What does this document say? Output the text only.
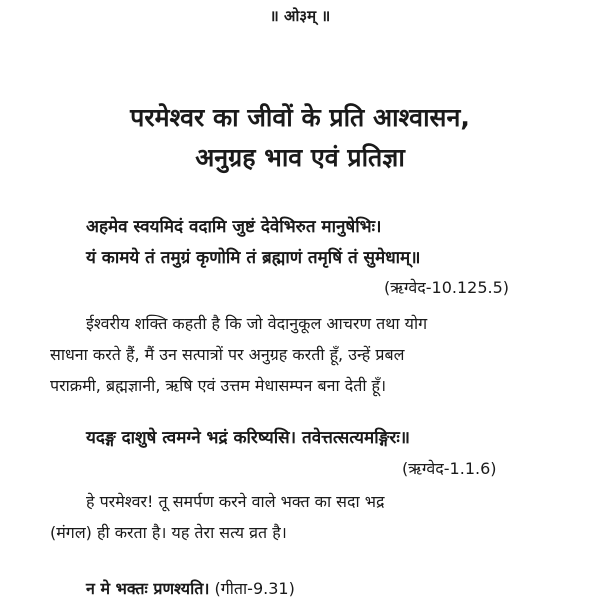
॥ ओ३म् ॥
परमेश्वर का जीवों के प्रति आश्वासन,
अनुग्रह भाव एवं प्रतिज्ञा
अहमेव स्वयमिदं वदामि जुष्टं देवेभिरुत मानुषेभिः।
यं कामये तं तमुग्रं कृणोमि तं ब्रह्माणं तमृषिं तं सुमेधाम्॥
(ऋग्वेद-10.125.5)
ईश्वरीय शक्ति कहती है कि जो वेदानुकूल आचरण तथा योग
साधना करते हैं, मैं उन सत्पात्रों पर अनुग्रह करती हूँ, उन्हें प्रबल
पराक्रमी, ब्रह्मज्ञानी, ऋषि एवं उत्तम मेधासम्पन बना देती हूँ।
यदङ्ग दाशुषे त्वमग्ने भद्रं करिष्यसि। तवेत्तत्सत्यमङ्गिरः॥
(ऋग्वेद-1.1.6)
हे परमेश्वर! तू समर्पण करने वाले भक्त का सदा भद्र
(मंगल) ही करता है। यह तेरा सत्य व्रत है।
न मे भक्तः प्रणश्यति। (गीता-9.31)
